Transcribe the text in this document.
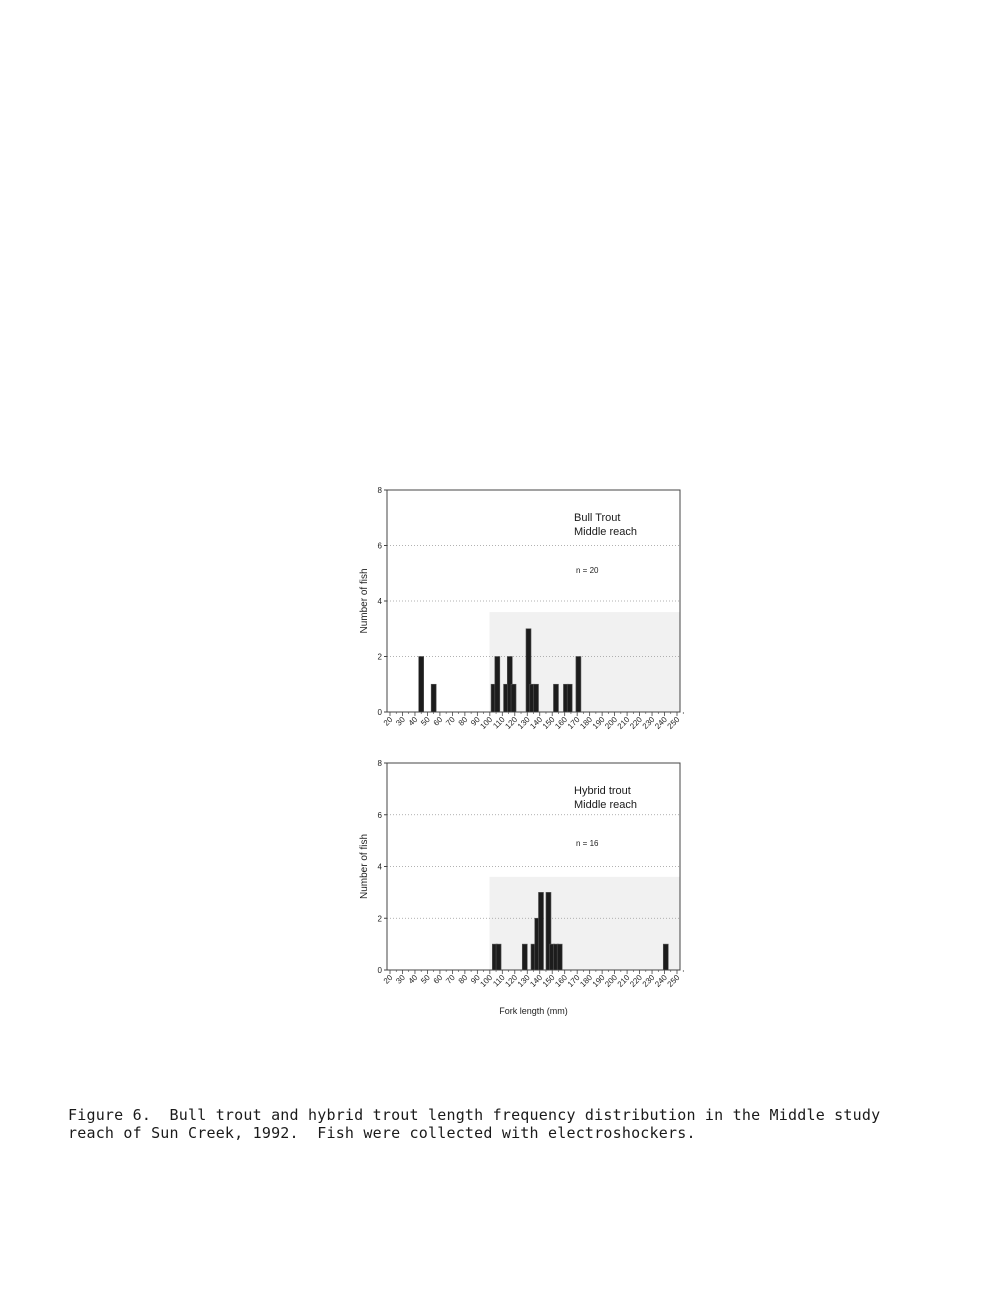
0
2
4
6
8
20 30 40 50 60 70 80 90
100
110
120
130
140
150
160
170
180
190
200
210
220
230
240
250
Number of fish
Bull Trout
Middle reach
n = 20
0
2
4
6
8
20 30 40 50 60 70 80 90
100
110
120
130
140
150
160
170
180
190
200
210
220
230
240
250
Number of fish
Hybrid trout
Middle reach
n = 16
Fork length (mm)
Figure 6.  Bull trout and hybrid trout length frequency distribution in the Middle study
reach of Sun Creek, 1992.  Fish were collected with electroshockers.
